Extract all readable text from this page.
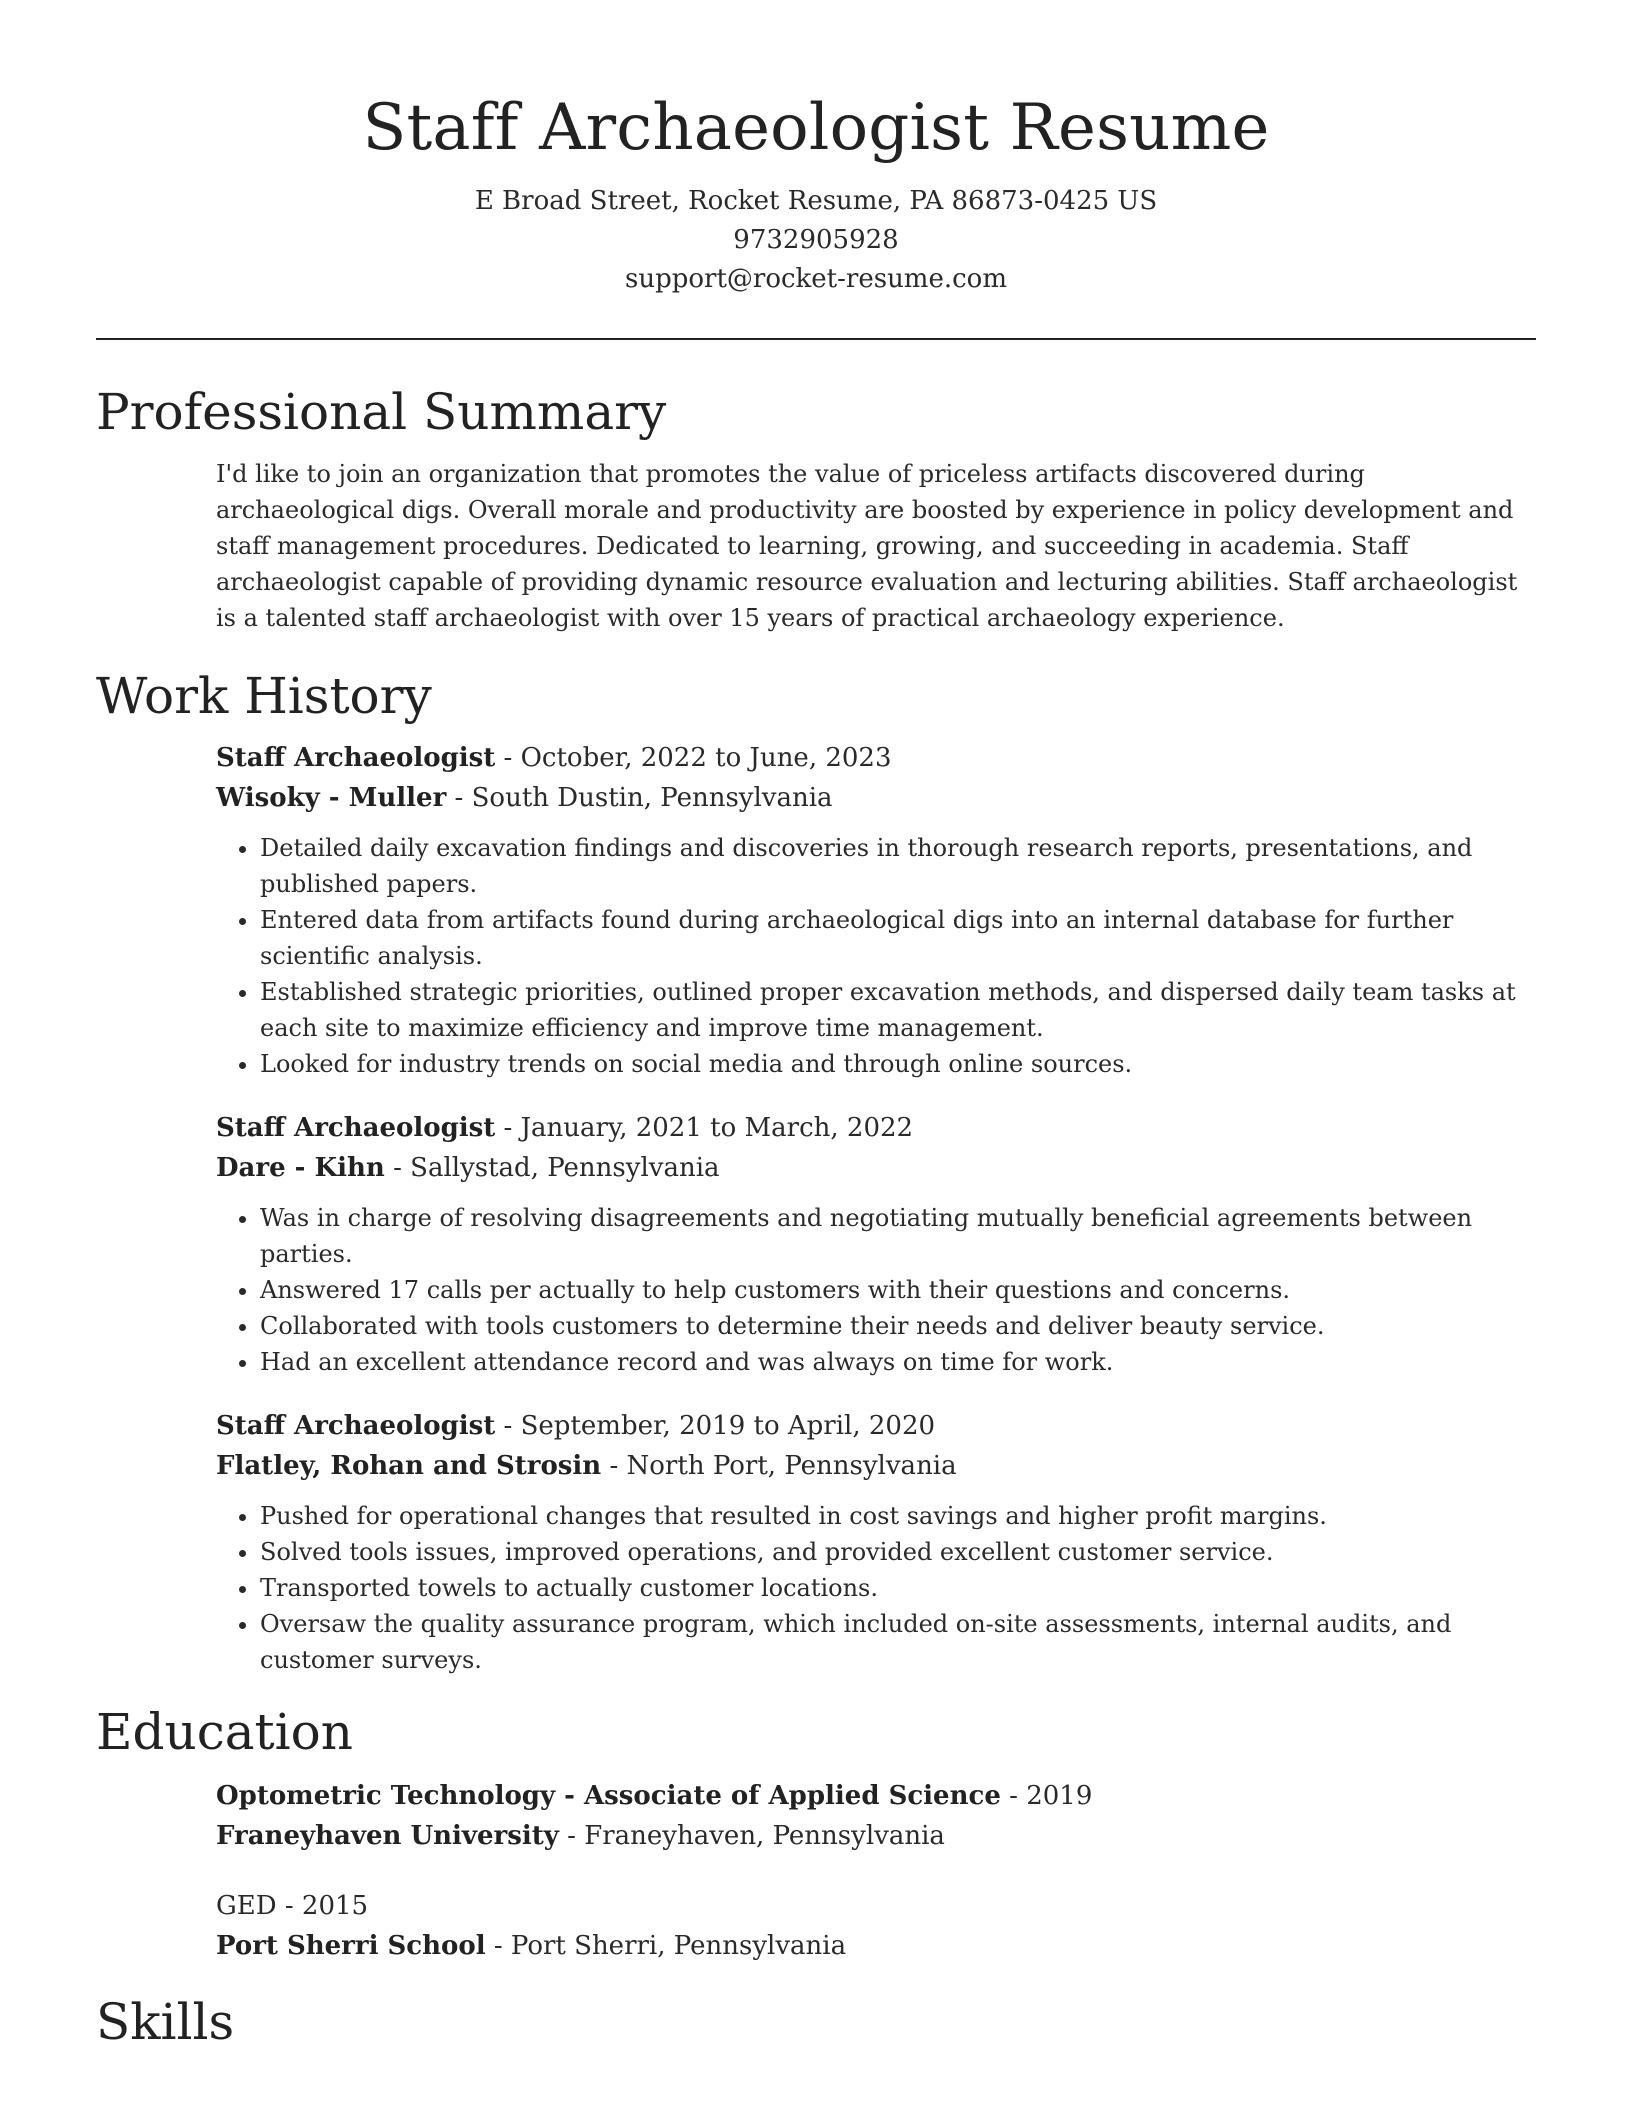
Staff Archaeologist Resume
E Broad Street, Rocket Resume, PA 86873-0425 US
9732905928
support@rocket-resume.com
Professional Summary

I'd like to join an organization that promotes the value of priceless artifacts discovered during archaeological digs. Overall morale and productivity are boosted by experience in policy development and staff management procedures. Dedicated to learning, growing, and succeeding in academia. Staff archaeologist capable of providing dynamic resource evaluation and lecturing abilities. Staff archaeologist is a talented staff archaeologist with over 15 years of practical archaeology experience.

Work History
Staff Archaeologist - October, 2022 to June, 2023
Wisoky - Muller - South Dustin, Pennsylvania
• Detailed daily excavation findings and discoveries in thorough research reports, presentations, and published papers.
• Entered data from artifacts found during archaeological digs into an internal database for further scientific analysis.
• Established strategic priorities, outlined proper excavation methods, and dispersed daily team tasks at each site to maximize efficiency and improve time management.
• Looked for industry trends on social media and through online sources.
Staff Archaeologist - January, 2021 to March, 2022
Dare - Kihn - Sallystad, Pennsylvania
• Was in charge of resolving disagreements and negotiating mutually beneficial agreements between parties.
• Answered 17 calls per actually to help customers with their questions and concerns.
• Collaborated with tools customers to determine their needs and deliver beauty service.
• Had an excellent attendance record and was always on time for work.
Staff Archaeologist - September, 2019 to April, 2020
Flatley, Rohan and Strosin - North Port, Pennsylvania
• Pushed for operational changes that resulted in cost savings and higher profit margins.
• Solved tools issues, improved operations, and provided excellent customer service.
• Transported towels to actually customer locations.
• Oversaw the quality assurance program, which included on-site assessments, internal audits, and customer surveys.
Education
Optometric Technology - Associate of Applied Science - 2019
Franeyhaven University - Franeyhaven, Pennsylvania
GED - 2015
Port Sherri School - Port Sherri, Pennsylvania
Skills
